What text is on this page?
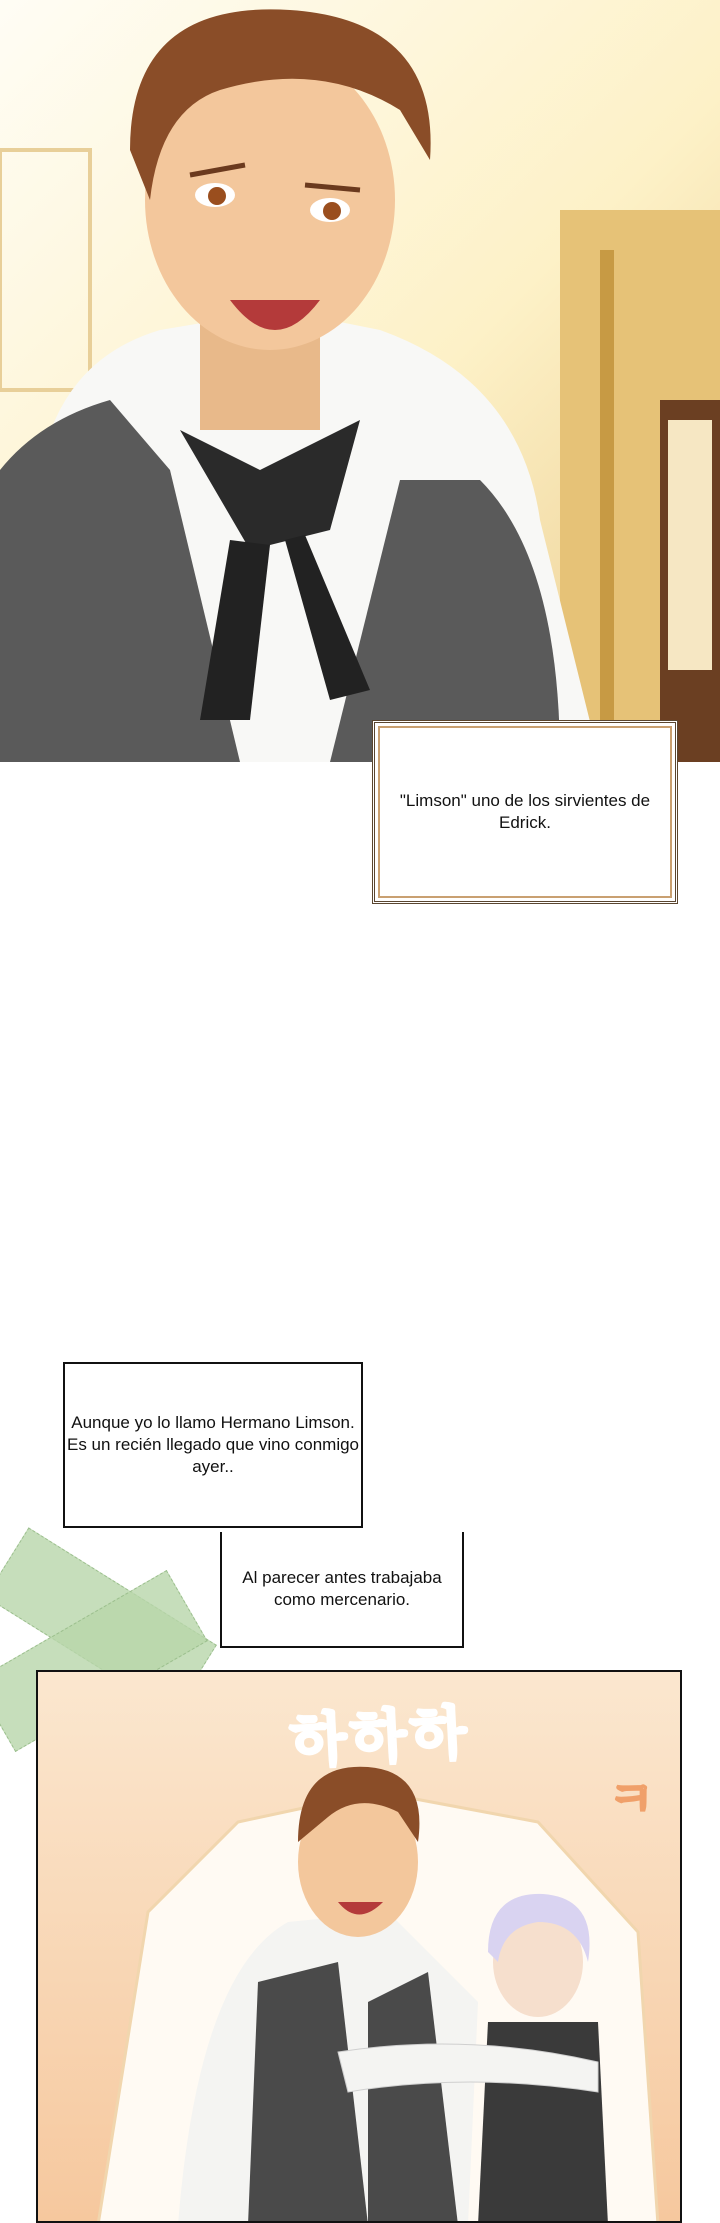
"Limson" uno de los sirvientes de Edrick.
Aunque yo lo llamo Hermano Limson. Es un recién llegado que vino conmigo ayer..
Al parecer antes trabajaba como mercenario.
하하하
ㅋ
